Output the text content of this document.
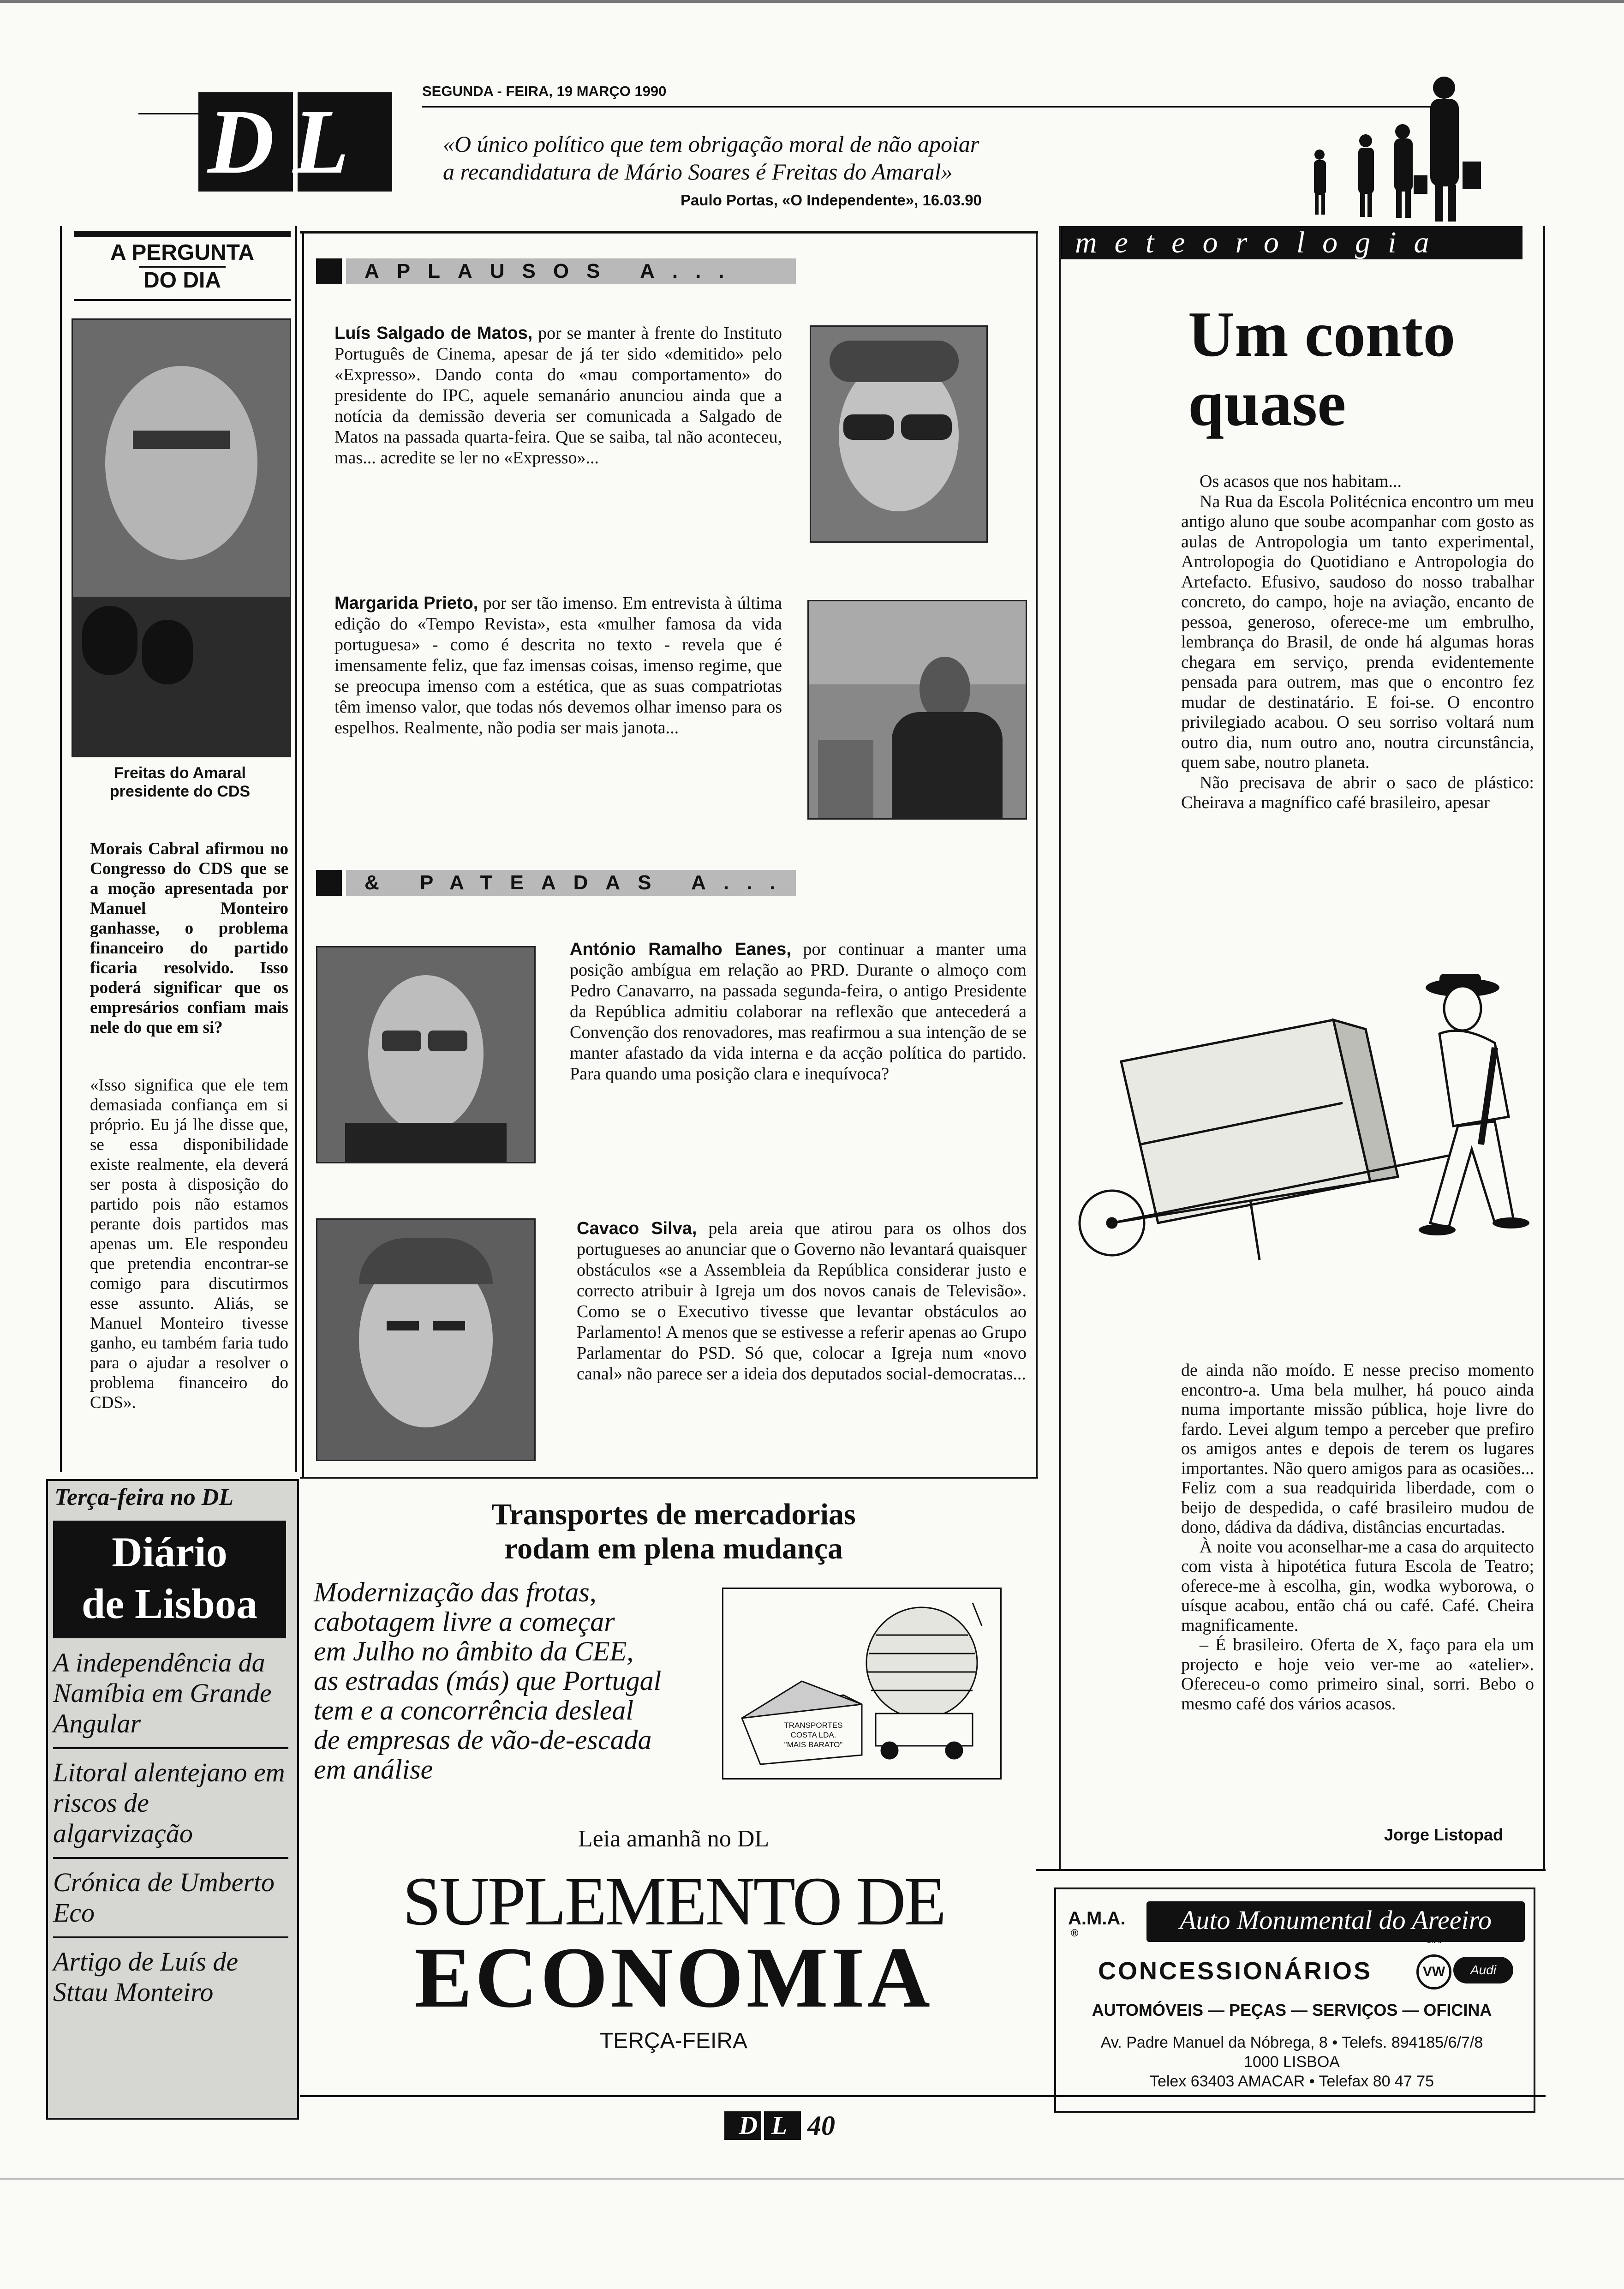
DL	SEGUNDA - FEIRA, 19 MARÇO 1990
«O único político que tem obrigação moral de não apoiar
a recandidatura de Mário Soares é Freitas do Amaral»
Paulo Portas, «O Independente», 16.03.90
A PERGUNTA
DO DIA
Freitas do Amaral
presidente do CDS
Morais Cabral afirmou no Congresso do CDS que se a moção apresentada por Manuel Monteiro ganhasse, o problema financeiro do partido ficaria resolvido. Isso poderá significar que os empresários confiam mais nele do que em si?
«Isso significa que ele tem demasiada confiança em si próprio. Eu já lhe disse que, se essa disponibilidade existe realmente, ela deverá ser posta à disposição do partido pois não estamos perante dois partidos mas apenas um. Ele respondeu que pretendia encontrar-se comigo para discutirmos esse assunto. Aliás, se Manuel Monteiro tivesse ganho, eu também faria tudo para o ajudar a resolver o problema financeiro do CDS».
APLAUSOS A...
Luís Salgado de Matos, por se manter à frente do Instituto Português de Cinema, apesar de já ter sido «demitido» pelo «Expresso». Dando conta do «mau comportamento» do presidente do IPC, aquele semanário anunciou ainda que a notícia da demissão deveria ser comunicada a Salgado de Matos na passada quarta-feira. Que se saiba, tal não aconteceu, mas... acredite se ler no «Expresso»...
Margarida Prieto, por ser tão imenso. Em entrevista à última edição do «Tempo Revista», esta «mulher famosa da vida portuguesa» - como é descrita no texto - revela que é imensamente feliz, que faz imensas coisas, imenso regime, que se preocupa imenso com a estética, que as suas compatriotas têm imenso valor, que todas nós devemos olhar imenso para os espelhos. Realmente, não podia ser mais janota...
& PATEADAS A...
António Ramalho Eanes, por continuar a manter uma posição ambígua em relação ao PRD. Durante o almoço com Pedro Canavarro, na passada segunda-feira, o antigo Presidente da República admitiu colaborar na reflexão que antecederá a Convenção dos renovadores, mas reafirmou a sua intenção de se manter afastado da vida interna e da acção política do partido. Para quando uma posição clara e inequívoca?
Cavaco Silva, pela areia que atirou para os olhos dos portugueses ao anunciar que o Governo não levantará quaisquer obstáculos «se a Assembleia da República considerar justo e correcto atribuir à Igreja um dos novos canais de Televisão». Como se o Executivo tivesse que levantar obstáculos ao Parlamento! A menos que se estivesse a referir apenas ao Grupo Parlamentar do PSD. Só que, colocar a Igreja num «novo canal» não parece ser a ideia dos deputados social-democratas...
meteorologia
Um conto
quase
Os acasos que nos habitam...
Na Rua da Escola Politécnica encontro um meu antigo aluno que soube acompanhar com gosto as aulas de Antropologia um tanto experimental, Antrolopogia do Quotidiano e Antropologia do Artefacto. Efusivo, saudoso do nosso trabalhar concreto, do campo, hoje na aviação, encanto de pessoa, generoso, oferece-me um embrulho, lembrança do Brasil, de onde há algumas horas chegara em serviço, prenda evidentemente pensada para outrem, mas que o encontro fez mudar de destinatário. E foi-se. O encontro privilegiado acabou. O seu sorriso voltará num outro dia, num outro ano, noutra circunstância, quem sabe, noutro planeta.
Não precisava de abrir o saco de plástico: Cheirava a magnífico café brasileiro, apesar
de ainda não moído. E nesse preciso momento encontro-a. Uma bela mulher, há pouco ainda numa importante missão pública, hoje livre do fardo. Levei algum tempo a perceber que prefiro os amigos antes e depois de terem os lugares importantes. Não quero amigos para as ocasiões... Feliz com a sua readquirida liberdade, com o beijo de despedida, o café brasileiro mudou de dono, dádiva da dádiva, distâncias encurtadas.
À noite vou aconselhar-me a casa do arquitecto com vista à hipotética futura Escola de Teatro; oferece-me à escolha, gin, wodka wyborowa, o uísque acabou, então chá ou café. Café. Cheira magnificamente.
– É brasileiro. Oferta de X, faço para ela um projecto e hoje veio ver-me ao «atelier». Ofereceu-o como primeiro sinal, sorri. Bebo o mesmo café dos vários acasos.
Jorge Listopad
Terça-feira no DL
Diário
de Lisboa
A independência da Namíbia em Grande Angular
Litoral alentejano em riscos de algarvização
Crónica de Umberto Eco
Artigo de Luís de Sttau Monteiro
Transportes de mercadorias
rodam em plena mudança
Modernização das frotas,
cabotagem livre a começar
em Julho no âmbito da CEE,
as estradas (más) que Portugal
tem e a concorrência desleal
de empresas de vão-de-escada
em análise
TRANSPORTES
COSTA LDA.
"MAIS BARATO"
Leia amanhã no DL
SUPLEMENTO DE
ECONOMIA
TERÇA-FEIRA
A.M.A.
®	Auto Monumental do Areeiro
S.A.
CONCESSIONÁRIOS	VW	Audi
AUTOMÓVEIS — PEÇAS — SERVIÇOS — OFICINA
Av. Padre Manuel da Nóbrega, 8 • Telefs. 894185/6/7/8
1000 LISBOA
Telex 63403 AMACAR • Telefax 80 47 75
DL 40
